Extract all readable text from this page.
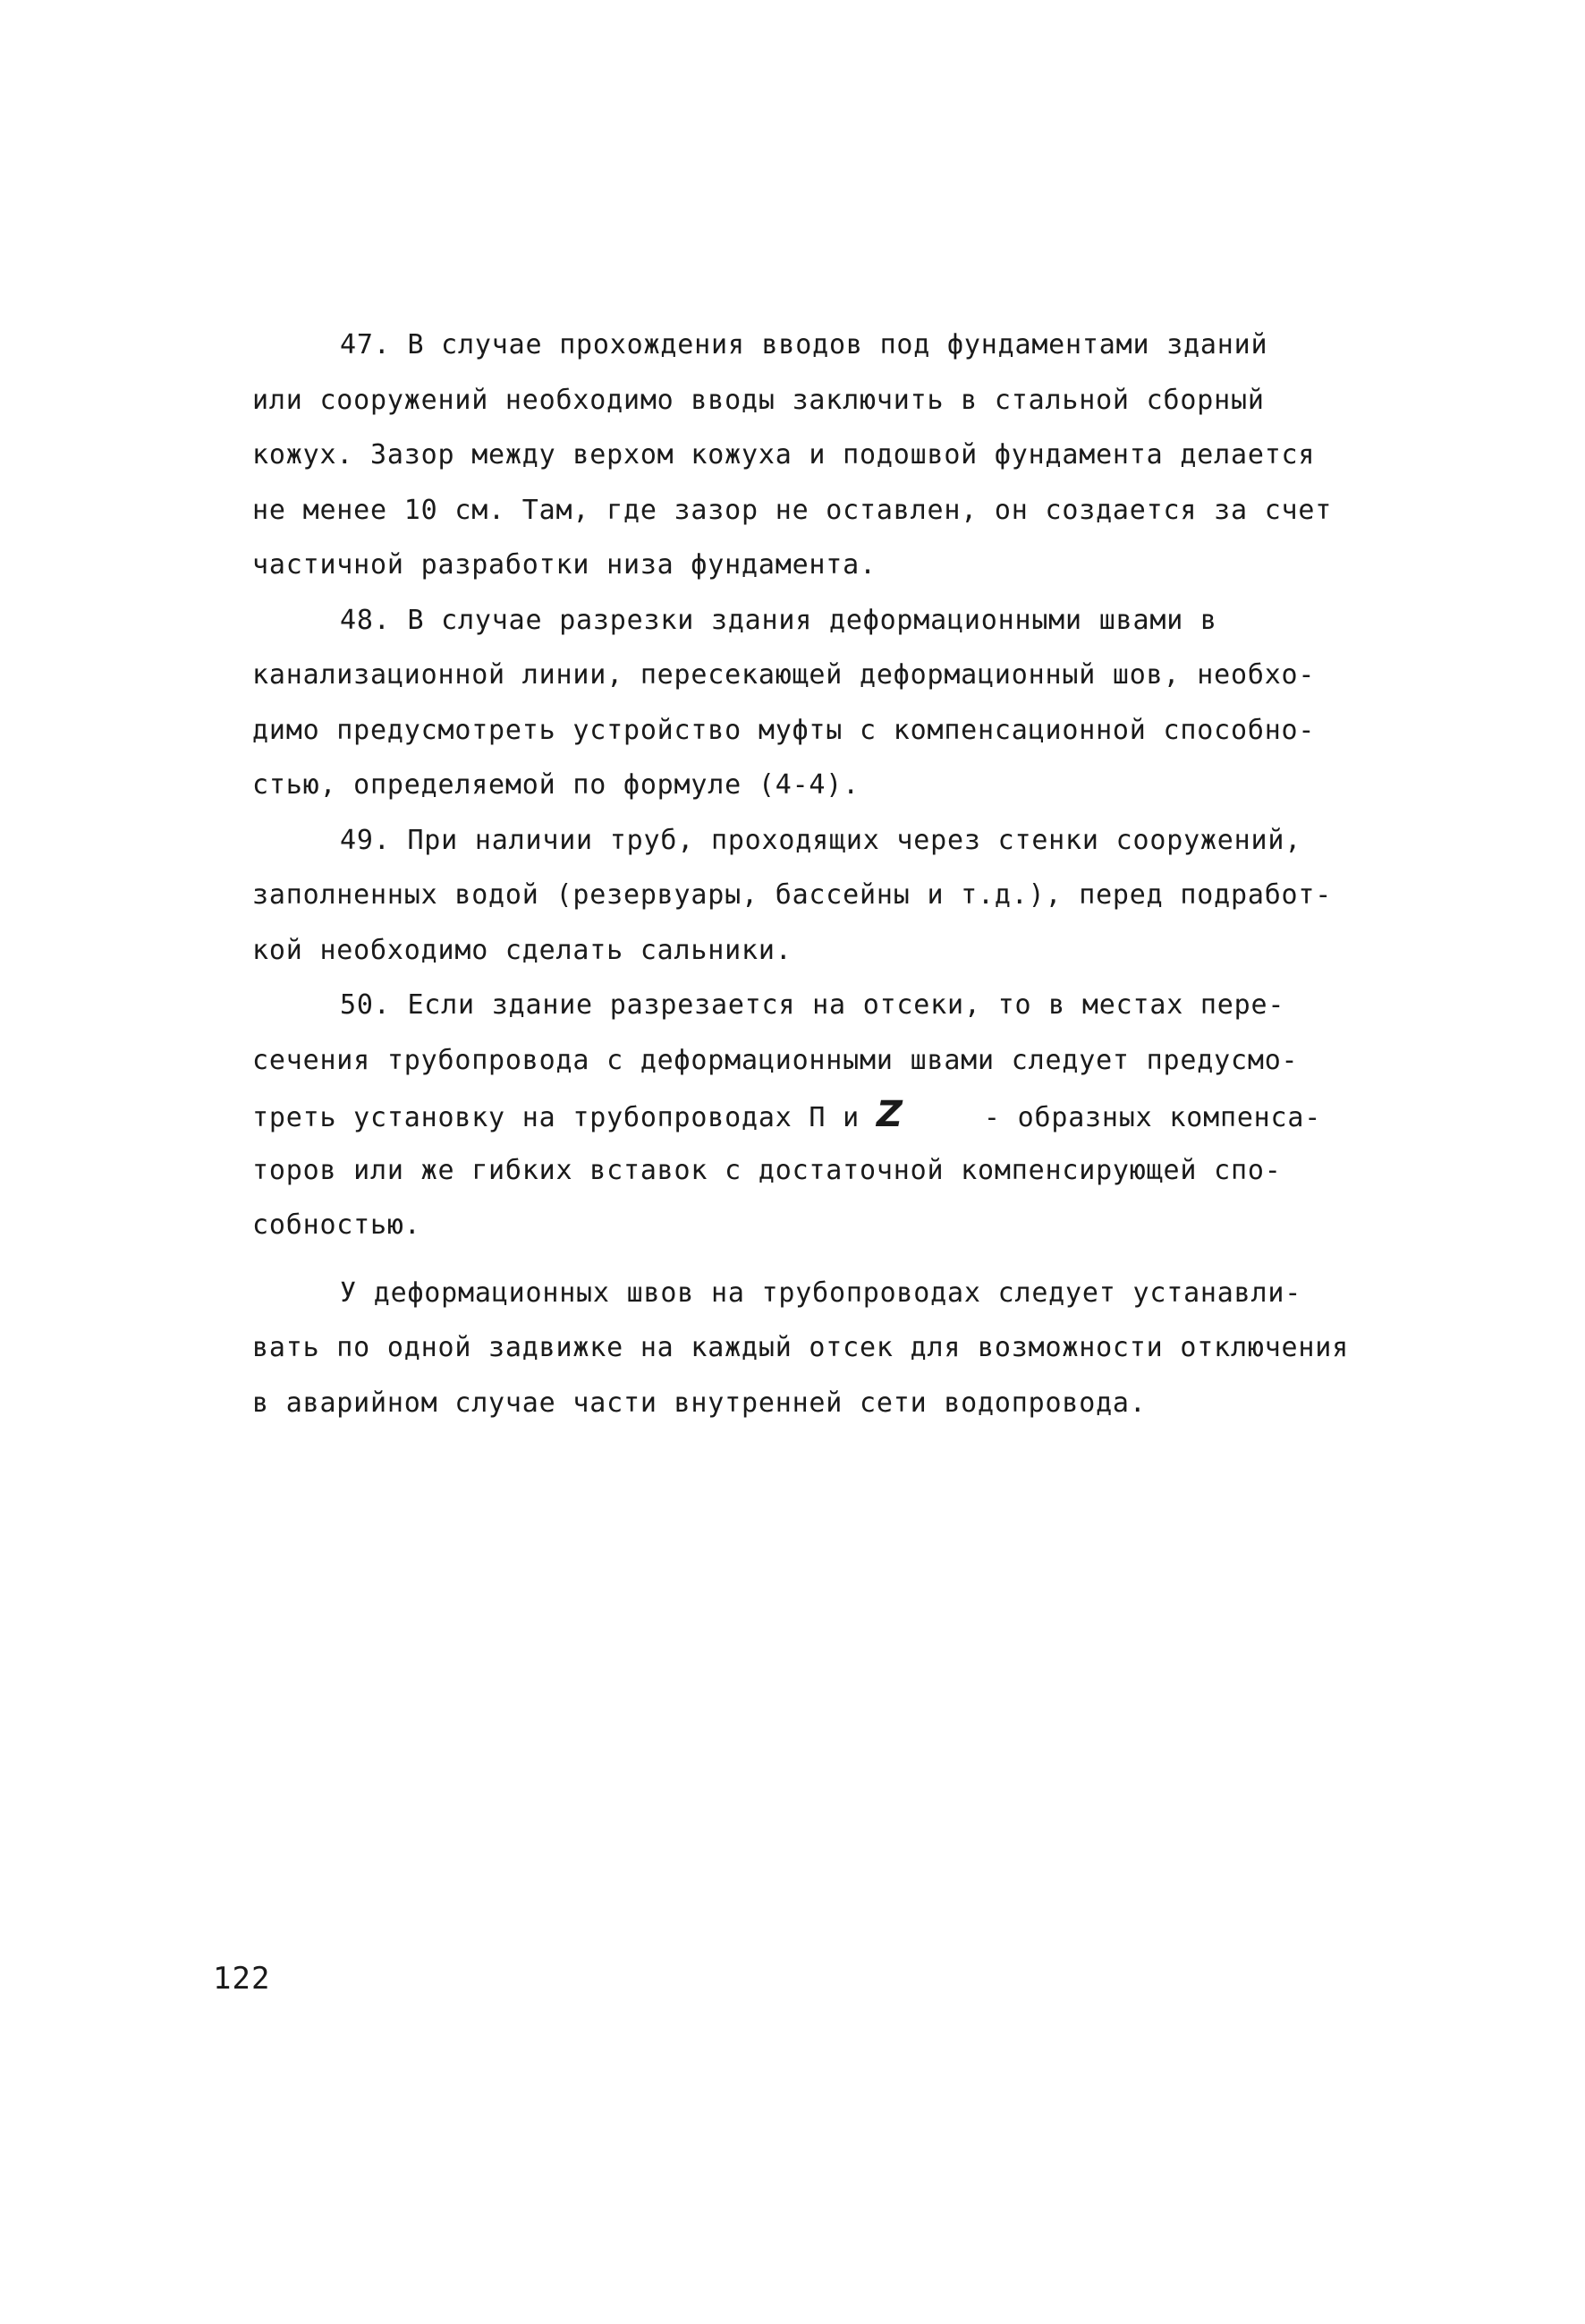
47. В случае прохождения вводов под фундаментами зданий
или сооружений необходимо вводы заключить в стальной сборный
кожух. Зазор между верхом кожуха и подошвой фундамента делается
не менее 10 см. Там, где зазор не оставлен, он создается за счет
частичной разработки низа фундамента.
48. В случае разрезки здания деформационными швами в
канализационной линии, пересекающей деформационный шов, необхо-
димо предусмотреть устройство муфты с компенсационной способно-
стью, определяемой по формуле (4-4).
49. При наличии труб, проходящих через стенки сооружений,
заполненных водой (резервуары, бассейны и т.д.), перед подработ-
кой необходимо сделать сальники.
50. Если здание разрезается на отсеки, то в местах пере-
сечения трубопровода с деформационными швами следует предусмо-
треть установку на трубопроводах П и Z	- образных компенса-
торов или же гибких вставок с достаточной компенсирующей спо-
собностью.
У деформационных швов на трубопроводах следует устанавли-
вать по одной задвижке на каждый отсек для возможности отключения
в аварийном случае части внутренней сети водопровода.
122
